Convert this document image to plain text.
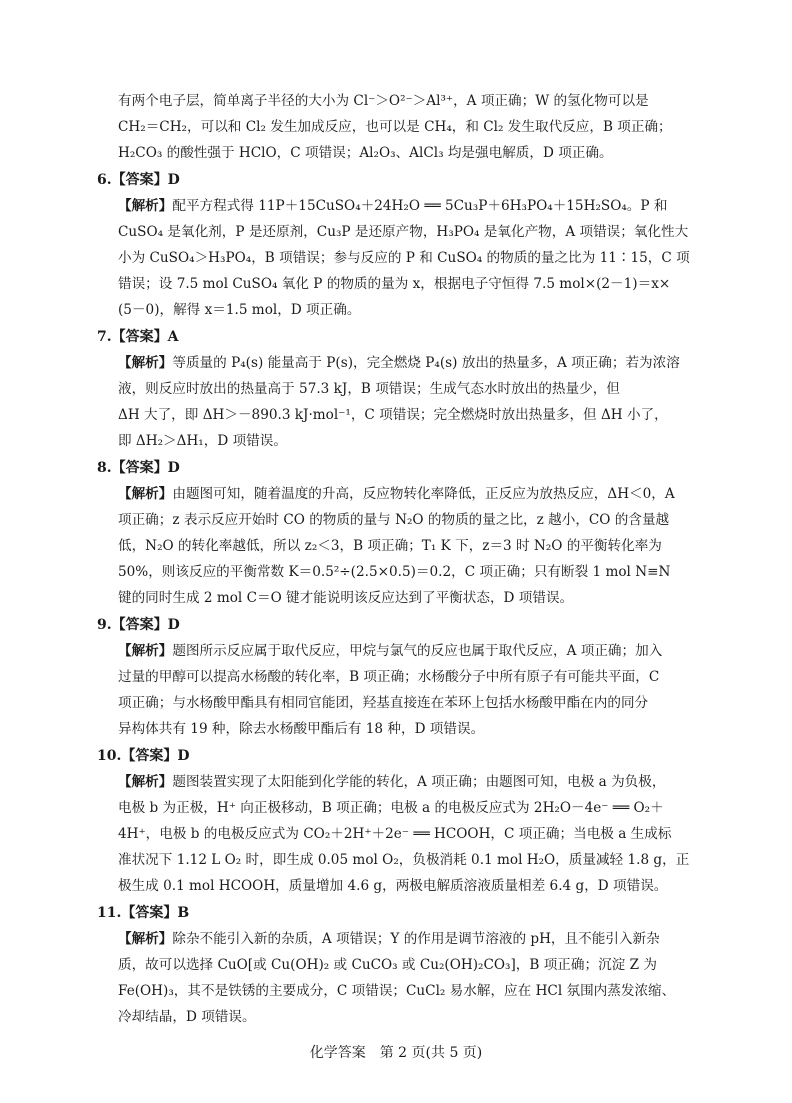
有两个电子层，简单离子半径的大小为 Cl⁻＞O²⁻＞Al³⁺，A 项正确；W 的氢化物可以是
CH₂＝CH₂，可以和 Cl₂ 发生加成反应，也可以是 CH₄，和 Cl₂ 发生取代反应，B 项正确；
H₂CO₃ 的酸性强于 HClO，C 项错误；Al₂O₃、AlCl₃ 均是强电解质，D 项正确。
6.【答案】D
【解析】配平方程式得 11P＋15CuSO₄＋24H₂O ══ 5Cu₃P＋6H₃PO₄＋15H₂SO₄。P 和
CuSO₄ 是氧化剂，P 是还原剂，Cu₃P 是还原产物，H₃PO₄ 是氧化产物，A 项错误；氧化性大
小为 CuSO₄＞H₃PO₄，B 项错误；参与反应的 P 和 CuSO₄ 的物质的量之比为 11∶15，C 项
错误；设 7.5 mol CuSO₄ 氧化 P 的物质的量为 x，根据电子守恒得 7.5 mol×(2－1)＝x×
(5－0)，解得 x＝1.5 mol，D 项正确。
7.【答案】A
【解析】等质量的 P₄(s) 能量高于 P(s)，完全燃烧 P₄(s) 放出的热量多，A 项正确；若为浓溶
液，则反应时放出的热量高于 57.3 kJ，B 项错误；生成气态水时放出的热量少，但
ΔH 大了，即 ΔH＞－890.3 kJ·mol⁻¹，C 项错误；完全燃烧时放出热量多，但 ΔH 小了，
即 ΔH₂＞ΔH₁，D 项错误。
8.【答案】D
【解析】由题图可知，随着温度的升高，反应物转化率降低，正反应为放热反应，ΔH＜0，A
项正确；z 表示反应开始时 CO 的物质的量与 N₂O 的物质的量之比，z 越小，CO 的含量越
低，N₂O 的转化率越低，所以 z₂＜3，B 项正确；T₁ K 下，z＝3 时 N₂O 的平衡转化率为
50%，则该反应的平衡常数 K＝0.5²÷(2.5×0.5)＝0.2，C 项正确；只有断裂 1 mol N≡N
键的同时生成 2 mol C＝O 键才能说明该反应达到了平衡状态，D 项错误。
9.【答案】D
【解析】题图所示反应属于取代反应，甲烷与氯气的反应也属于取代反应，A 项正确；加入
过量的甲醇可以提高水杨酸的转化率，B 项正确；水杨酸分子中所有原子有可能共平面，C
项正确；与水杨酸甲酯具有相同官能团，羟基直接连在苯环上包括水杨酸甲酯在内的同分
异构体共有 19 种，除去水杨酸甲酯后有 18 种，D 项错误。
10.【答案】D
【解析】题图装置实现了太阳能到化学能的转化，A 项正确；由题图可知，电极 a 为负极，
电极 b 为正极，H⁺ 向正极移动，B 项正确；电极 a 的电极反应式为 2H₂O－4e⁻ ══ O₂＋
4H⁺，电极 b 的电极反应式为 CO₂＋2H⁺＋2e⁻ ══ HCOOH，C 项正确；当电极 a 生成标
准状况下 1.12 L O₂ 时，即生成 0.05 mol O₂，负极消耗 0.1 mol H₂O，质量减轻 1.8 g，正
极生成 0.1 mol HCOOH，质量增加 4.6 g，两极电解质溶液质量相差 6.4 g，D 项错误。
11.【答案】B
【解析】除杂不能引入新的杂质，A 项错误；Y 的作用是调节溶液的 pH，且不能引入新杂
质，故可以选择 CuO[或 Cu(OH)₂ 或 CuCO₃ 或 Cu₂(OH)₂CO₃]，B 项正确；沉淀 Z 为
Fe(OH)₃，其不是铁锈的主要成分，C 项错误；CuCl₂ 易水解，应在 HCl 氛围内蒸发浓缩、
冷却结晶，D 项错误。
化学答案　第 2 页(共 5 页)
